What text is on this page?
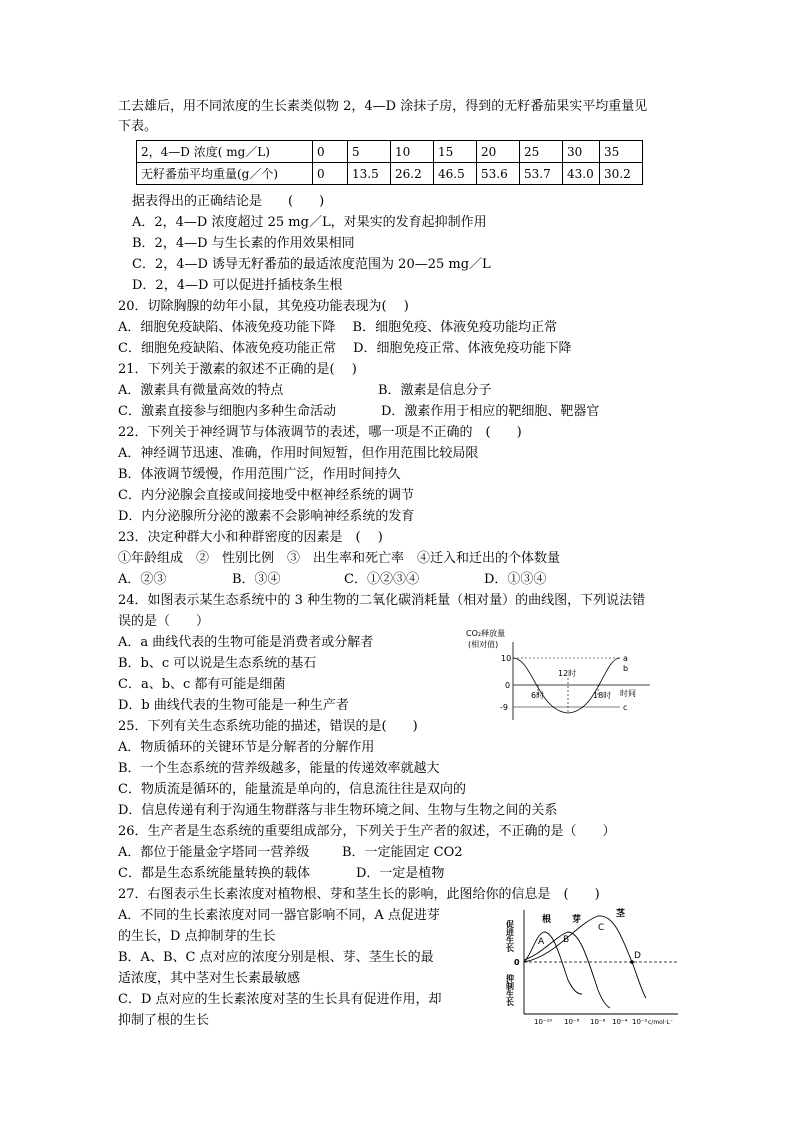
工去雄后，用不同浓度的生长素类似物 2，4—D 涂抹子房，得到的无籽番茄果实平均重量见
下表。
2，4—D 浓度( mg／L)	0	5	10	15	20	25	30	35
无籽番茄平均重量(g／个)	0	13.5	26.2	46.5	53.6	53.7	43.0	30.2
据表得出的正确结论是　　(　　)
A．2，4—D 浓度超过 25 mg／L，对果实的发育起抑制作用
B．2，4—D 与生长素的作用效果相同
C．2，4—D 诱导无籽番茄的最适浓度范围为 20—25 mg／L
D．2，4—D 可以促进扦插枝条生根
20．切除胸腺的幼年小鼠，其免疫功能表现为(　 )
A．细胞免疫缺陷、体液免疫功能下降　 B．细胞免疫、体液免疫功能均正常
C．细胞免疫缺陷、体液免疫功能正常　 D．细胞免疫正常、体液免疫功能下降
21．下列关于激素的叙述不正确的是(　 )
A．激素具有微量高效的特点	B．激素是信息分子
C．激素直接参与细胞内多种生命活动	D．激素作用于相应的靶细胞、靶器官
22．下列关于神经调节与体液调节的表述，哪一项是不正确的　(　　)
A．神经调节迅速、准确，作用时间短暂，但作用范围比较局限
B．体液调节缓慢，作用范围广泛，作用时间持久
C．内分泌腺会直接或间接地受中枢神经系统的调节
D．内分泌腺所分泌的激素不会影响神经系统的发育
23．决定种群大小和种群密度的因素是　(　 )
①年龄组成　②　性别比例　③　出生率和死亡率　④迁入和迁出的个体数量
A．②③	B．③④	C．①②③④	D．①③④
24．如图表示某生态系统中的 3 种生物的二氧化碳消耗量（相对量）的曲线图，下列说法错
误的是（　　）
A．a 曲线代表的生物可能是消费者或分解者
B．b、c 可以说是生态系统的基石
C．a、b、c 都有可能是细菌
D．b 曲线代表的生物可能是一种生产者
CO₂释放量
(相对值)
10
0
-9
6时
12时
18时 时间
a
b
c
25．下列有关生态系统功能的描述，错误的是(　　)
A．物质循环的关键环节是分解者的分解作用
B．一个生态系统的营养级越多，能量的传递效率就越大
C．物质流是循环的，能量流是单向的，信息流往往是双向的
D．信息传递有利于沟通生物群落与非生物环境之间、生物与生物之间的关系
26．生产者是生态系统的重要组成部分，下列关于生产者的叙述，不正确的是（　　）
A．都位于能量金字塔同一营养级	B．一定能固定 CO2
C．都是生态系统能量转换的载体	D．一定是植物
27．右图表示生长素浓度对植物根、芽和茎生长的影响，此图给你的信息是　(　　)
A．不同的生长素浓度对同一器官影响不同，A 点促进芽
的生长，D 点抑制芽的生长
B．A、B、C 点对应的浓度分别是根、芽、茎生长的最
适浓度，其中茎对生长素最敏感
C．D 点对应的生长素浓度对茎的生长具有促进作用，却
抑制了根的生长
促进生长
0
抑制生长
根 芽
茎
A B
C
D
10⁻¹⁰ 10⁻⁸ 10⁻⁶ 10⁻⁴ 10⁻² c/mol·L⁻
